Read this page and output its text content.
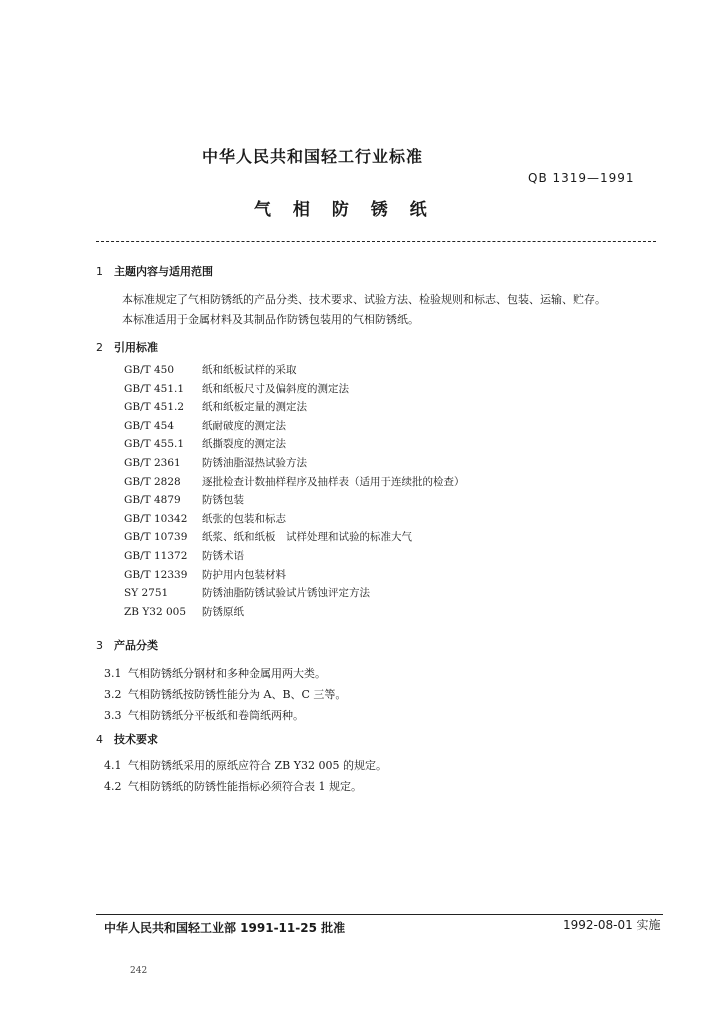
中华人民共和国轻工行业标准
QB 1319—1991
气 相 防 锈 纸
1 主题内容与适用范围
本标准规定了气相防锈纸的产品分类、技术要求、试验方法、检验规则和标志、包装、运输、贮存。
本标准适用于金属材料及其制品作防锈包装用的气相防锈纸。
2 引用标准
GB/T 450	纸和纸板试样的采取
GB/T 451.1 纸和纸板尺寸及偏斜度的测定法
GB/T 451.2 纸和纸板定量的测定法
GB/T 454	纸耐破度的测定法
GB/T 455.1 纸撕裂度的测定法
GB/T 2361 防锈油脂湿热试验方法
GB/T 2828 逐批检查计数抽样程序及抽样表（适用于连续批的检查）
GB/T 4879 防锈包装
GB/T 10342 纸张的包装和标志
GB/T 10739 纸浆、纸和纸板　试样处理和试验的标准大气
GB/T 11372 防锈术语
GB/T 12339 防护用内包装材料
SY 2751	防锈油脂防锈试验试片锈蚀评定方法
ZB Y32 005 防锈原纸
3 产品分类
3.1 气相防锈纸分钢材和多种金属用两大类。
3.2 气相防锈纸按防锈性能分为 A、B、C 三等。
3.3 气相防锈纸分平板纸和卷筒纸两种。
4 技术要求
4.1 气相防锈纸采用的原纸应符合 ZB Y32 005 的规定。
4.2 气相防锈纸的防锈性能指标必须符合表 1 规定。
中华人民共和国轻工业部 1991-11-25 批准	1992-08-01 实施
242
